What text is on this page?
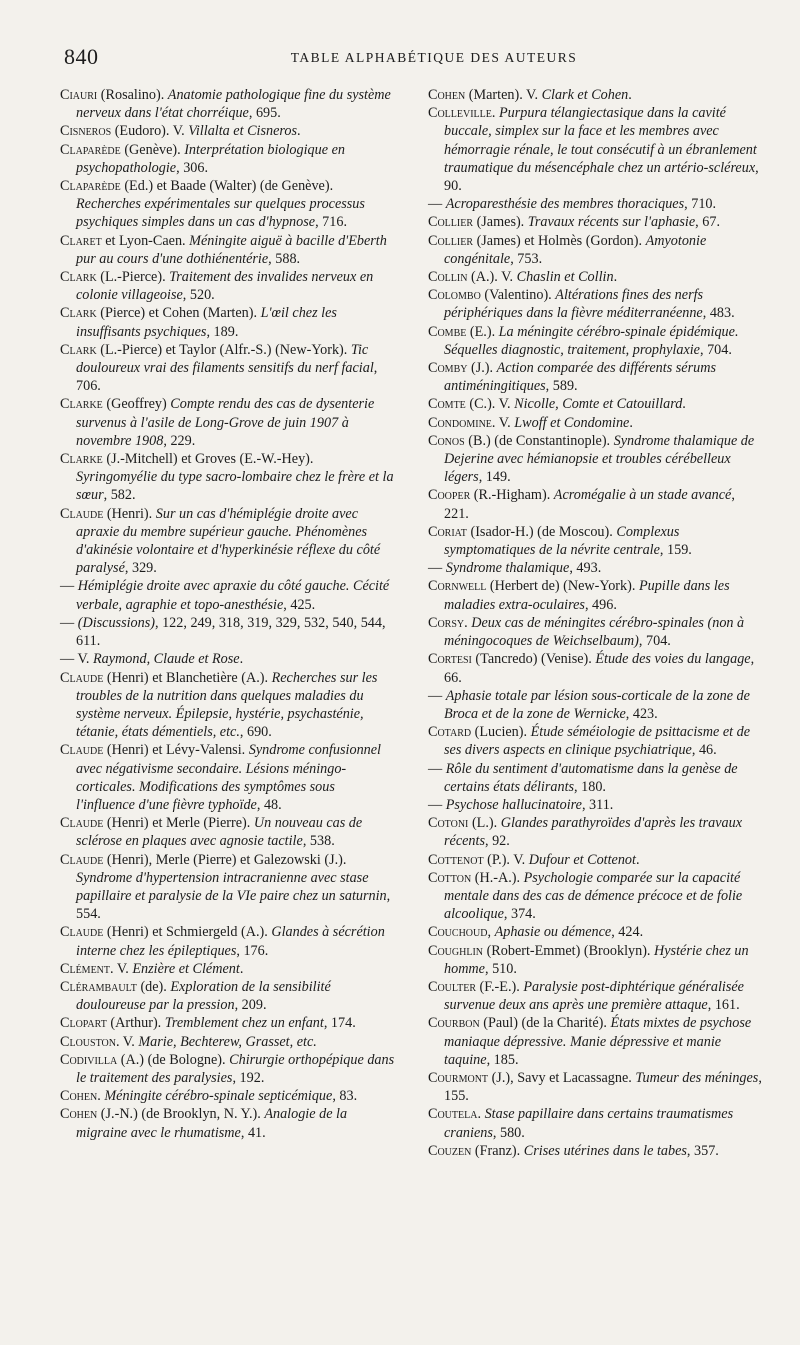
840	TABLE ALPHABÉTIQUE DES AUTEURS

Ciauri (Rosalino). Anatomie pathologique fine du système nerveux dans l'état chorréique, 695.

Cisneros (Eudoro). V. Villalta et Cisneros.

Claparède (Genève). Interprétation biologique en psychopathologie, 306.

Claparède (Ed.) et Baade (Walter) (de Genève). Recherches expérimentales sur quelques processus psychiques simples dans un cas d'hypnose, 716.

Claret et Lyon-Caen. Méningite aiguë à bacille d'Eberth pur au cours d'une dothiénentérie, 588.

Clark (L.-Pierce). Traitement des invalides nerveux en colonie villageoise, 520.

Clark (Pierce) et Cohen (Marten). L'œil chez les insuffisants psychiques, 189.

Clark (L.-Pierce) et Taylor (Alfr.-S.) (New-York). Tic douloureux vrai des filaments sensitifs du nerf facial, 706.

Clarke (Geoffrey) Compte rendu des cas de dysenterie survenus à l'asile de Long-Grove de juin 1907 à novembre 1908, 229.

Clarke (J.-Mitchell) et Groves (E.-W.-Hey). Syringomyélie du type sacro-lombaire chez le frère et la sœur, 582.

Claude (Henri). Sur un cas d'hémiplégie droite avec apraxie du membre supérieur gauche. Phénomènes d'akinésie volontaire et d'hyperkinésie réflexe du côté paralysé, 329.

— Hémiplégie droite avec apraxie du côté gauche. Cécité verbale, agraphie et topo-anesthésie, 425.

— (Discussions), 122, 249, 318, 319, 329, 532, 540, 544, 611.

— V. Raymond, Claude et Rose.

Claude (Henri) et Blanchetière (A.). Recherches sur les troubles de la nutrition dans quelques maladies du système nerveux. Épilepsie, hystérie, psychasténie, tétanie, états démentiels, etc., 690.

Claude (Henri) et Lévy-Valensi. Syndrome confusionnel avec négativisme secondaire. Lésions méningo-corticales. Modifications des symptômes sous l'influence d'une fièvre typhoïde, 48.

Claude (Henri) et Merle (Pierre). Un nouveau cas de sclérose en plaques avec agnosie tactile, 538.

Claude (Henri), Merle (Pierre) et Galezowski (J.). Syndrome d'hypertension intracranienne avec stase papillaire et paralysie de la VIe paire chez un saturnin, 554.

Claude (Henri) et Schmiergeld (A.). Glandes à sécrétion interne chez les épileptiques, 176.

Clément. V. Enzière et Clément.

Clérambault (de). Exploration de la sensibilité douloureuse par la pression, 209.

Clopart (Arthur). Tremblement chez un enfant, 174.

Clouston. V. Marie, Bechterew, Grasset, etc.

Codivilla (A.) (de Bologne). Chirurgie orthopépique dans le traitement des paralysies, 192.

Cohen. Méningite cérébro-spinale septicémique, 83.

Cohen (J.-N.) (de Brooklyn, N. Y.). Analogie de la migraine avec le rhumatisme, 41.

Cohen (Marten). V. Clark et Cohen.

Colleville. Purpura télangiectasique dans la cavité buccale, simplex sur la face et les membres avec hémorragie rénale, le tout consécutif à un ébranlement traumatique du mésencéphale chez un artério-scléreux, 90.

— Acroparesthésie des membres thoraciques, 710.

Collier (James). Travaux récents sur l'aphasie, 67.

Collier (James) et Holmès (Gordon). Amyotonie congénitale, 753.

Collin (A.). V. Chaslin et Collin.

Colombo (Valentino). Altérations fines des nerfs périphériques dans la fièvre méditerranéenne, 483.

Combe (E.). La méningite cérébro-spinale épidémique. Séquelles diagnostic, traitement, prophylaxie, 704.

Comby (J.). Action comparée des différents sérums antiméningitiques, 589.

Comte (C.). V. Nicolle, Comte et Catouillard.

Condomine. V. Lwoff et Condomine.

Conos (B.) (de Constantinople). Syndrome thalamique de Dejerine avec hémianopsie et troubles cérébelleux légers, 149.

Cooper (R.-Higham). Acromégalie à un stade avancé, 221.

Coriat (Isador-H.) (de Moscou). Complexus symptomatiques de la névrite centrale, 159.

— Syndrome thalamique, 493.

Cornwell (Herbert de) (New-York). Pupille dans les maladies extra-oculaires, 496.

Corsy. Deux cas de méningites cérébro-spinales (non à méningocoques de Weichselbaum), 704.

Cortesi (Tancredo) (Venise). Étude des voies du langage, 66.

— Aphasie totale par lésion sous-corticale de la zone de Broca et de la zone de Wernicke, 423.

Cotard (Lucien). Étude séméiologie de psittacisme et de ses divers aspects en clinique psychiatrique, 46.

— Rôle du sentiment d'automatisme dans la genèse de certains états délirants, 180.

— Psychose hallucinatoire, 311.

Cotoni (L.). Glandes parathyroïdes d'après les travaux récents, 92.

Cottenot (P.). V. Dufour et Cottenot.

Cotton (H.-A.). Psychologie comparée sur la capacité mentale dans des cas de démence précoce et de folie alcoolique, 374.

Couchoud, Aphasie ou démence, 424.

Coughlin (Robert-Emmet) (Brooklyn). Hystérie chez un homme, 510.

Coulter (F.-E.). Paralysie post-diphtérique généralisée survenue deux ans après une première attaque, 161.

Courbon (Paul) (de la Charité). États mixtes de psychose maniaque dépressive. Manie dépressive et manie taquine, 185.

Courmont (J.), Savy et Lacassagne. Tumeur des méninges, 155.

Coutela. Stase papillaire dans certains traumatismes craniens, 580.

Couzen (Franz). Crises utérines dans le tabes, 357.
